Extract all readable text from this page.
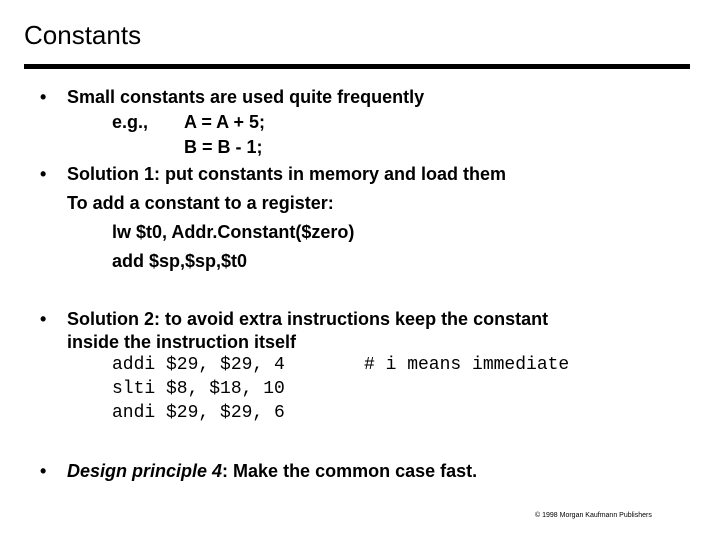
Constants
• Small constants are used quite frequently
e.g., A = A + 5;
B = B - 1;
• Solution 1: put constants in memory and load them
To add a constant to a register:
lw $t0, Addr.Constant($zero)
add $sp,$sp,$t0
• Solution 2: to avoid extra instructions keep the constant
inside the instruction itself
addi $29, $29, 4	# i means immediate
slti $8, $18, 10
andi $29, $29, 6
• Design principle 4: Make the common case fast.
© 1998 Morgan Kaufmann Publishers
